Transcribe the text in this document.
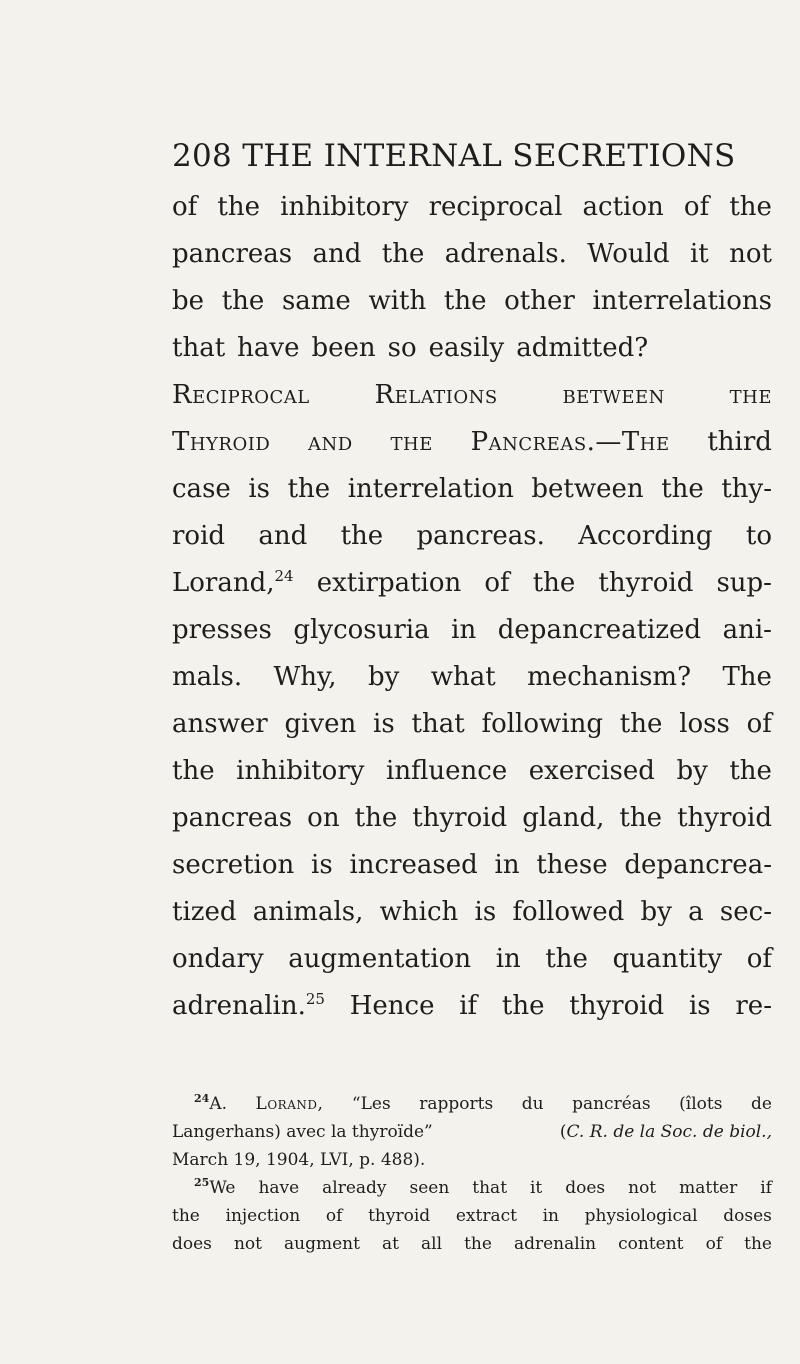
208 THE INTERNAL SECRETIONS
of the inhibitory reciprocal action of the
pancreas and the adrenals. Would it not
be the same with the other interrelations
that have been so easily admitted?
Reciprocal Relations between the
Thyroid and the Pancreas.—The third
case is the interrelation between the thy-
roid and the pancreas. According to
Lorand,24 extirpation of the thyroid sup-
presses glycosuria in depancreatized ani-
mals. Why, by what mechanism? The
answer given is that following the loss of
the inhibitory influence exercised by the
pancreas on the thyroid gland, the thyroid
secretion is increased in these depancrea-
tized animals, which is followed by a sec-
ondary augmentation in the quantity of
adrenalin.25 Hence if the thyroid is re-
24A. Lorand, “Les rapports du pancréas (îlots de
Langerhans) avec la thyroïde”	(C. R. de la Soc. de biol.,
March 19, 1904, LVI, p. 488).
25We have already seen that it does not matter if
the injection of thyroid extract in physiological doses
does not augment at all the adrenalin content of the
